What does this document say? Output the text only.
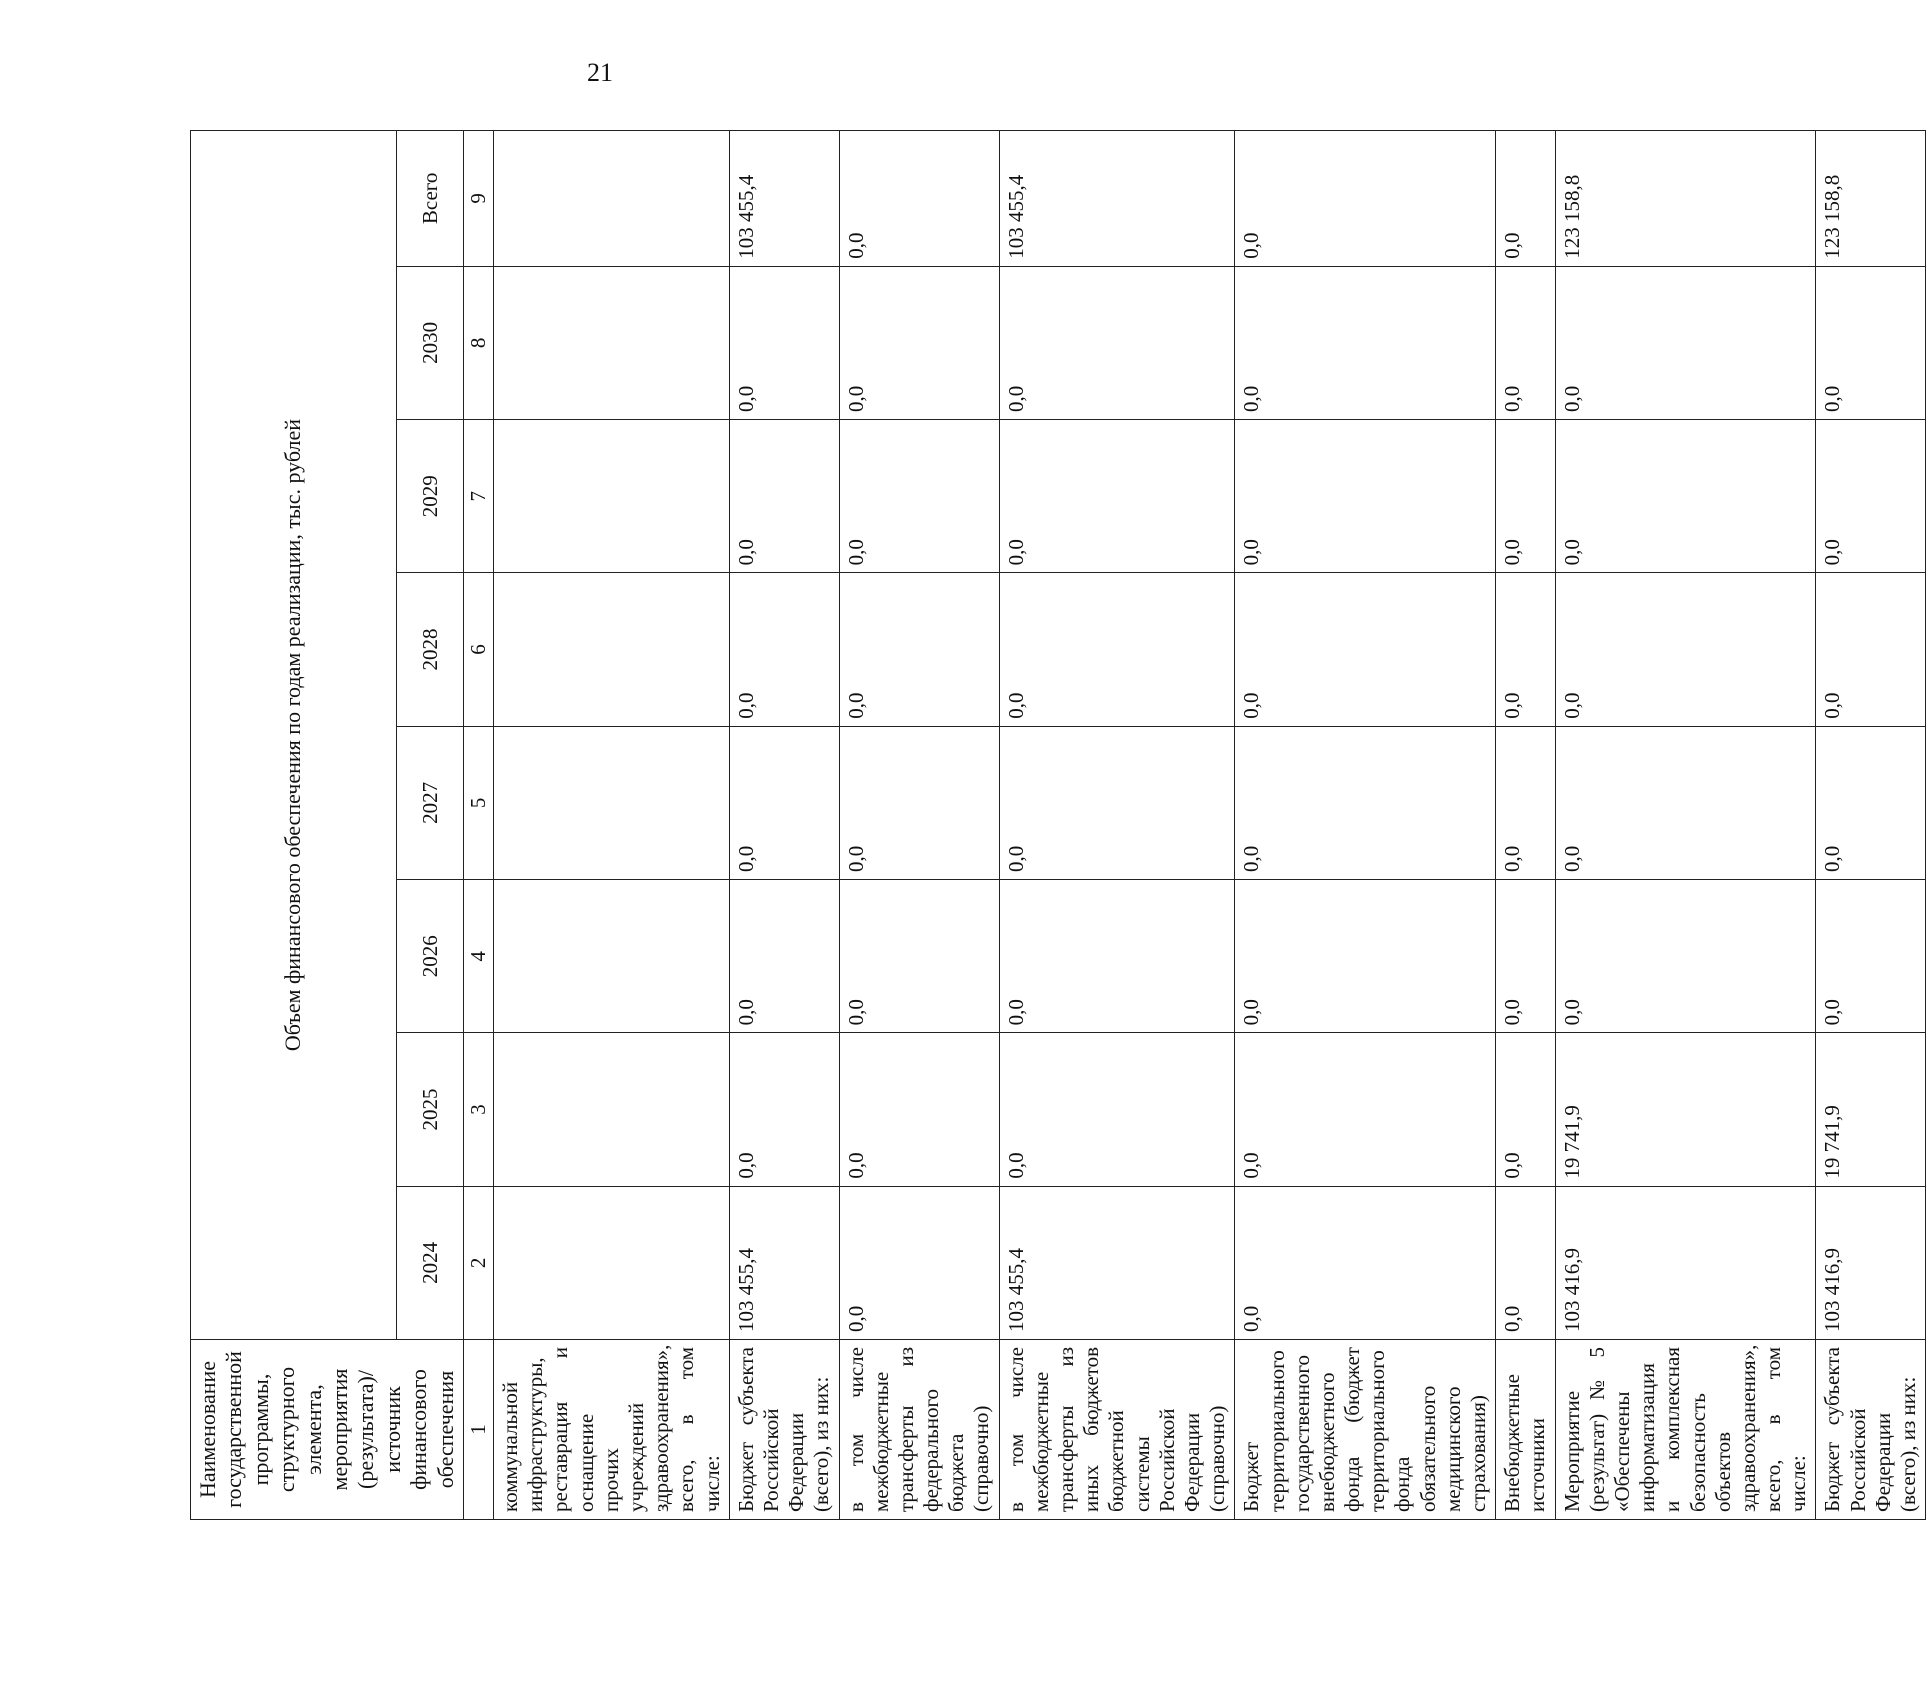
21
Наименование государственной программы, структурного элемента, мероприятия (результата)/источник финансового обеспечения	Объем финансового обеспечения по годам реализации, тыс. рублей							
	2024	2025	2026	2027	2028	2029	2030	Всего
1	2	3	4	5	6	7	8	9
коммунальной инфраструктуры, реставрация и оснащение прочих учреждений здравоохранения», всего, в том числе:								
Бюджет субъекта Российской Федерации (всего), из них:	103 455,4	0,0	0,0	0,0	0,0	0,0	0,0	103 455,4
в том числе межбюджетные трансферты из федерального бюджета (справочно)	0,0	0,0	0,0	0,0	0,0	0,0	0,0	0,0
в том числе межбюджетные трансферты из иных бюджетов бюджетной системы Российской Федерации (справочно)	103 455,4	0,0	0,0	0,0	0,0	0,0	0,0	103 455,4
Бюджет территориального государственного внебюджетного фонда (бюджет территориального фонда обязательного медицинского страхования)	0,0	0,0	0,0	0,0	0,0	0,0	0,0	0,0
Внебюджетные источники	0,0	0,0	0,0	0,0	0,0	0,0	0,0	0,0
Мероприятие (результат) № 5 «Обеспечены информатизация и комплексная безопасность объектов здравоохранения», всего, в том числе:	103 416,9	19 741,9	0,0	0,0	0,0	0,0	0,0	123 158,8
Бюджет субъекта Российской Федерации (всего), из них:	103 416,9	19 741,9	0,0	0,0	0,0	0,0	0,0	123 158,8
